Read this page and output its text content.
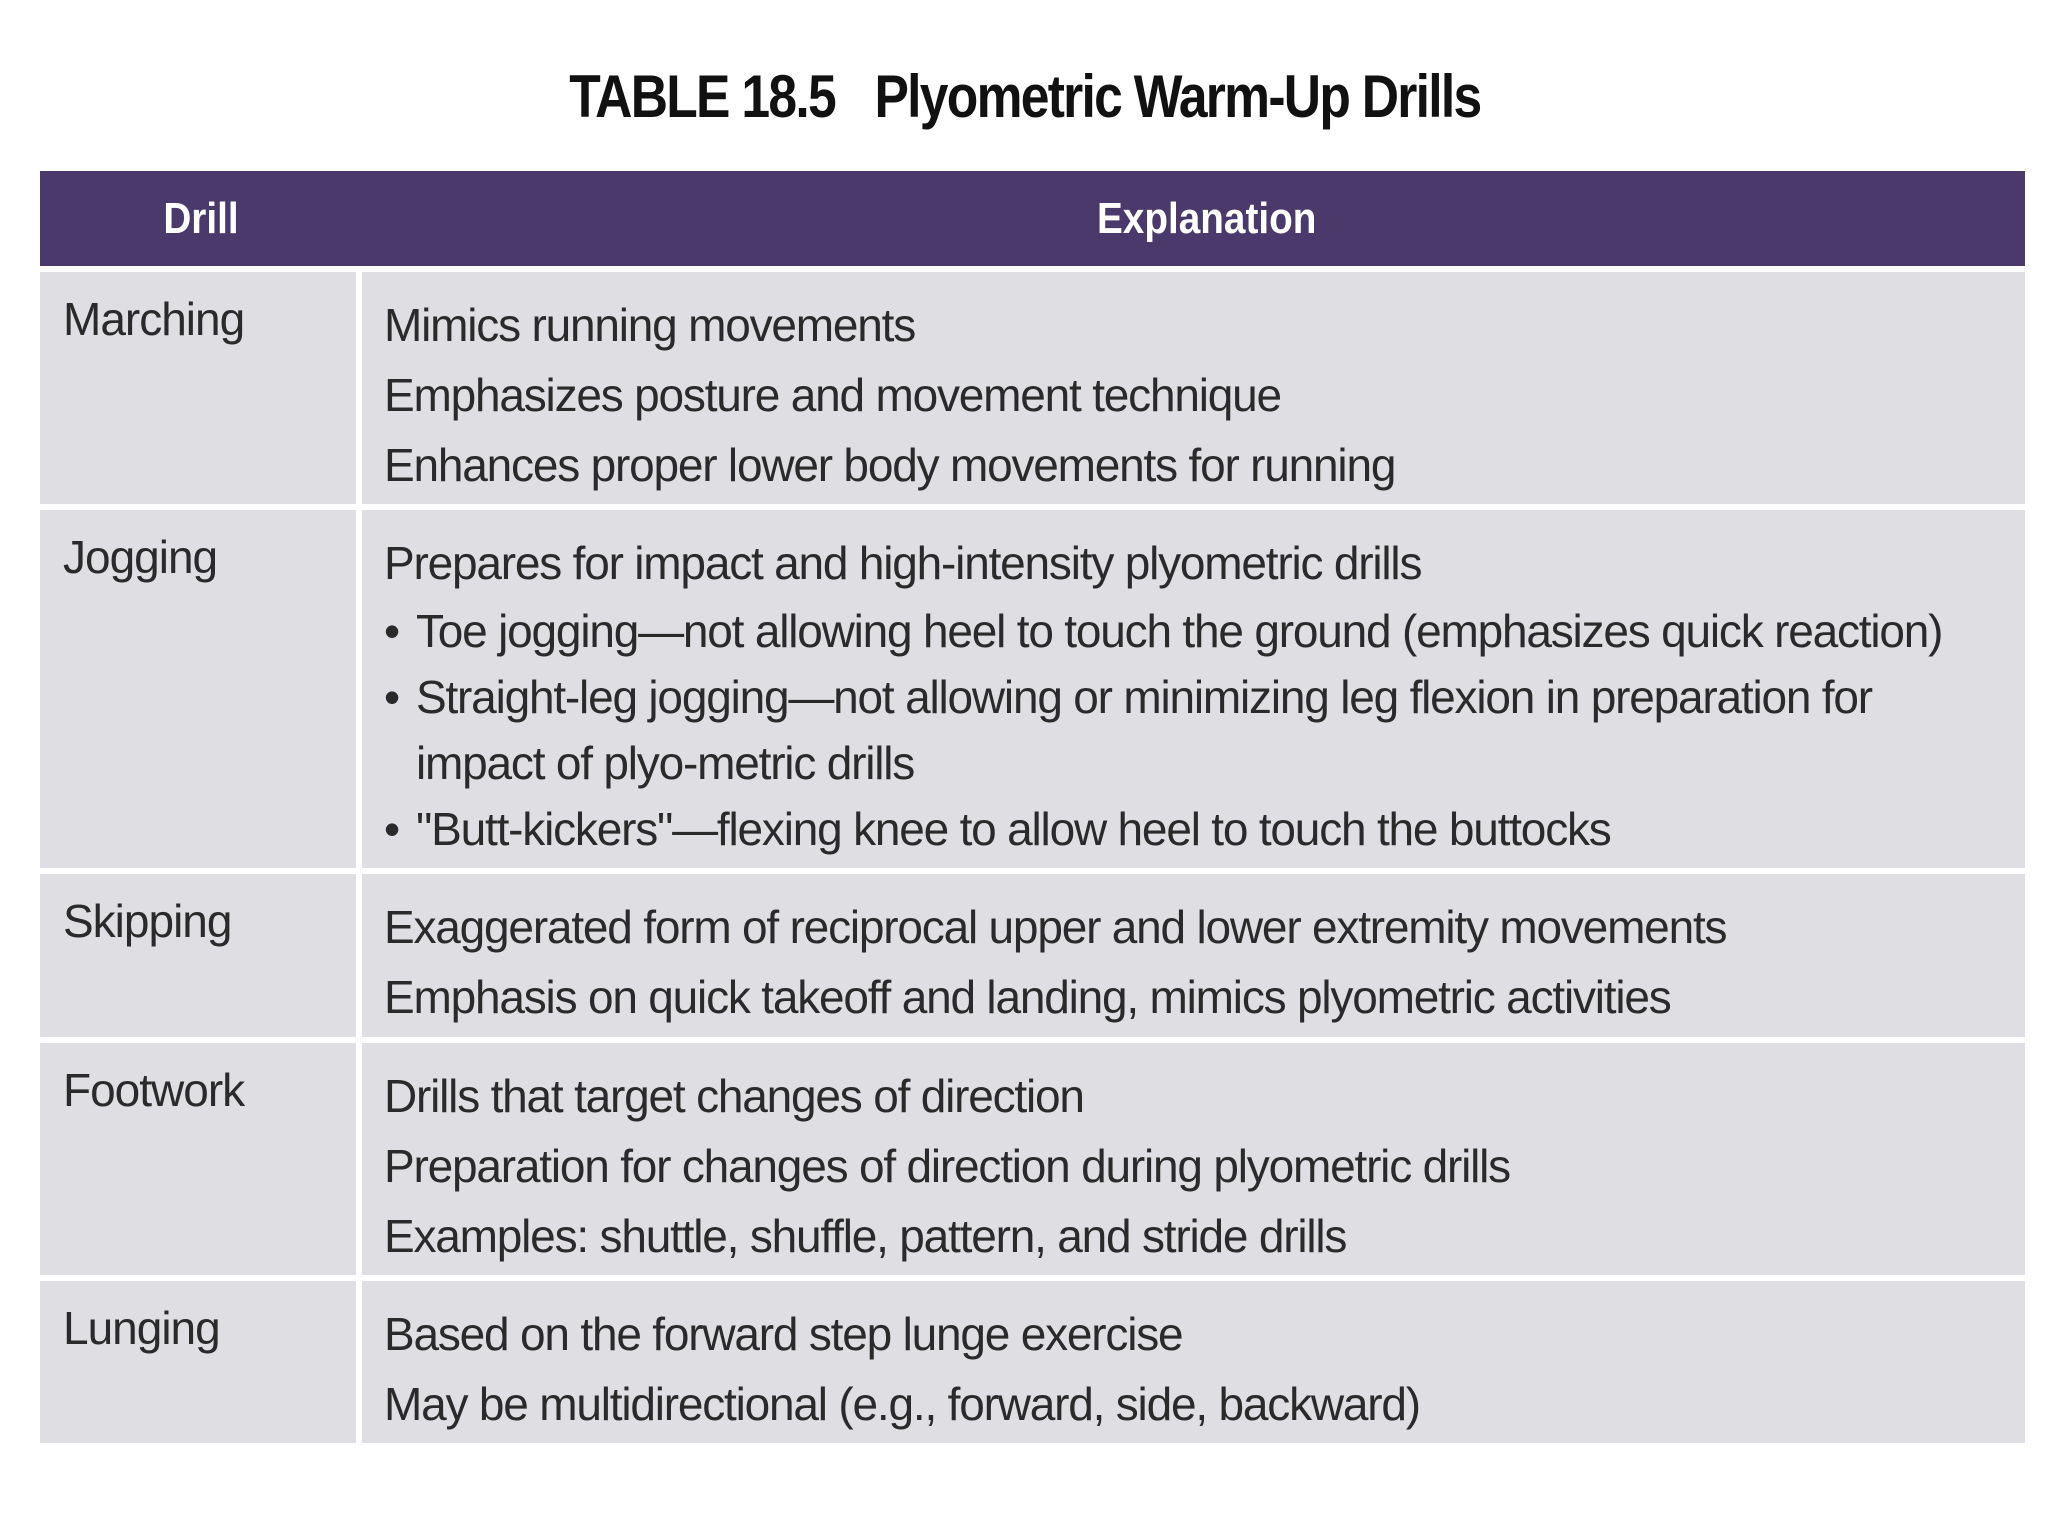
TABLE 18.5 Plyometric Warm-Up Drills
Drill	Explanation
Marching	Mimics running movements
Emphasizes posture and movement technique
Enhances proper lower body movements for running
Jogging	Prepares for impact and high-intensity plyometric drills
• Toe jogging—not allowing heel to touch the ground (emphasizes quick reaction)
• Straight-leg jogging—not allowing or minimizing leg flexion in preparation for impact of plyo-metric drills
• "Butt-kickers"—flexing knee to allow heel to touch the buttocks
Skipping	Exaggerated form of reciprocal upper and lower extremity movements
Emphasis on quick takeoff and landing, mimics plyometric activities
Footwork	Drills that target changes of direction
Preparation for changes of direction during plyometric drills
Examples: shuttle, shuffle, pattern, and stride drills
Lunging	Based on the forward step lunge exercise
May be multidirectional (e.g., forward, side, backward)
